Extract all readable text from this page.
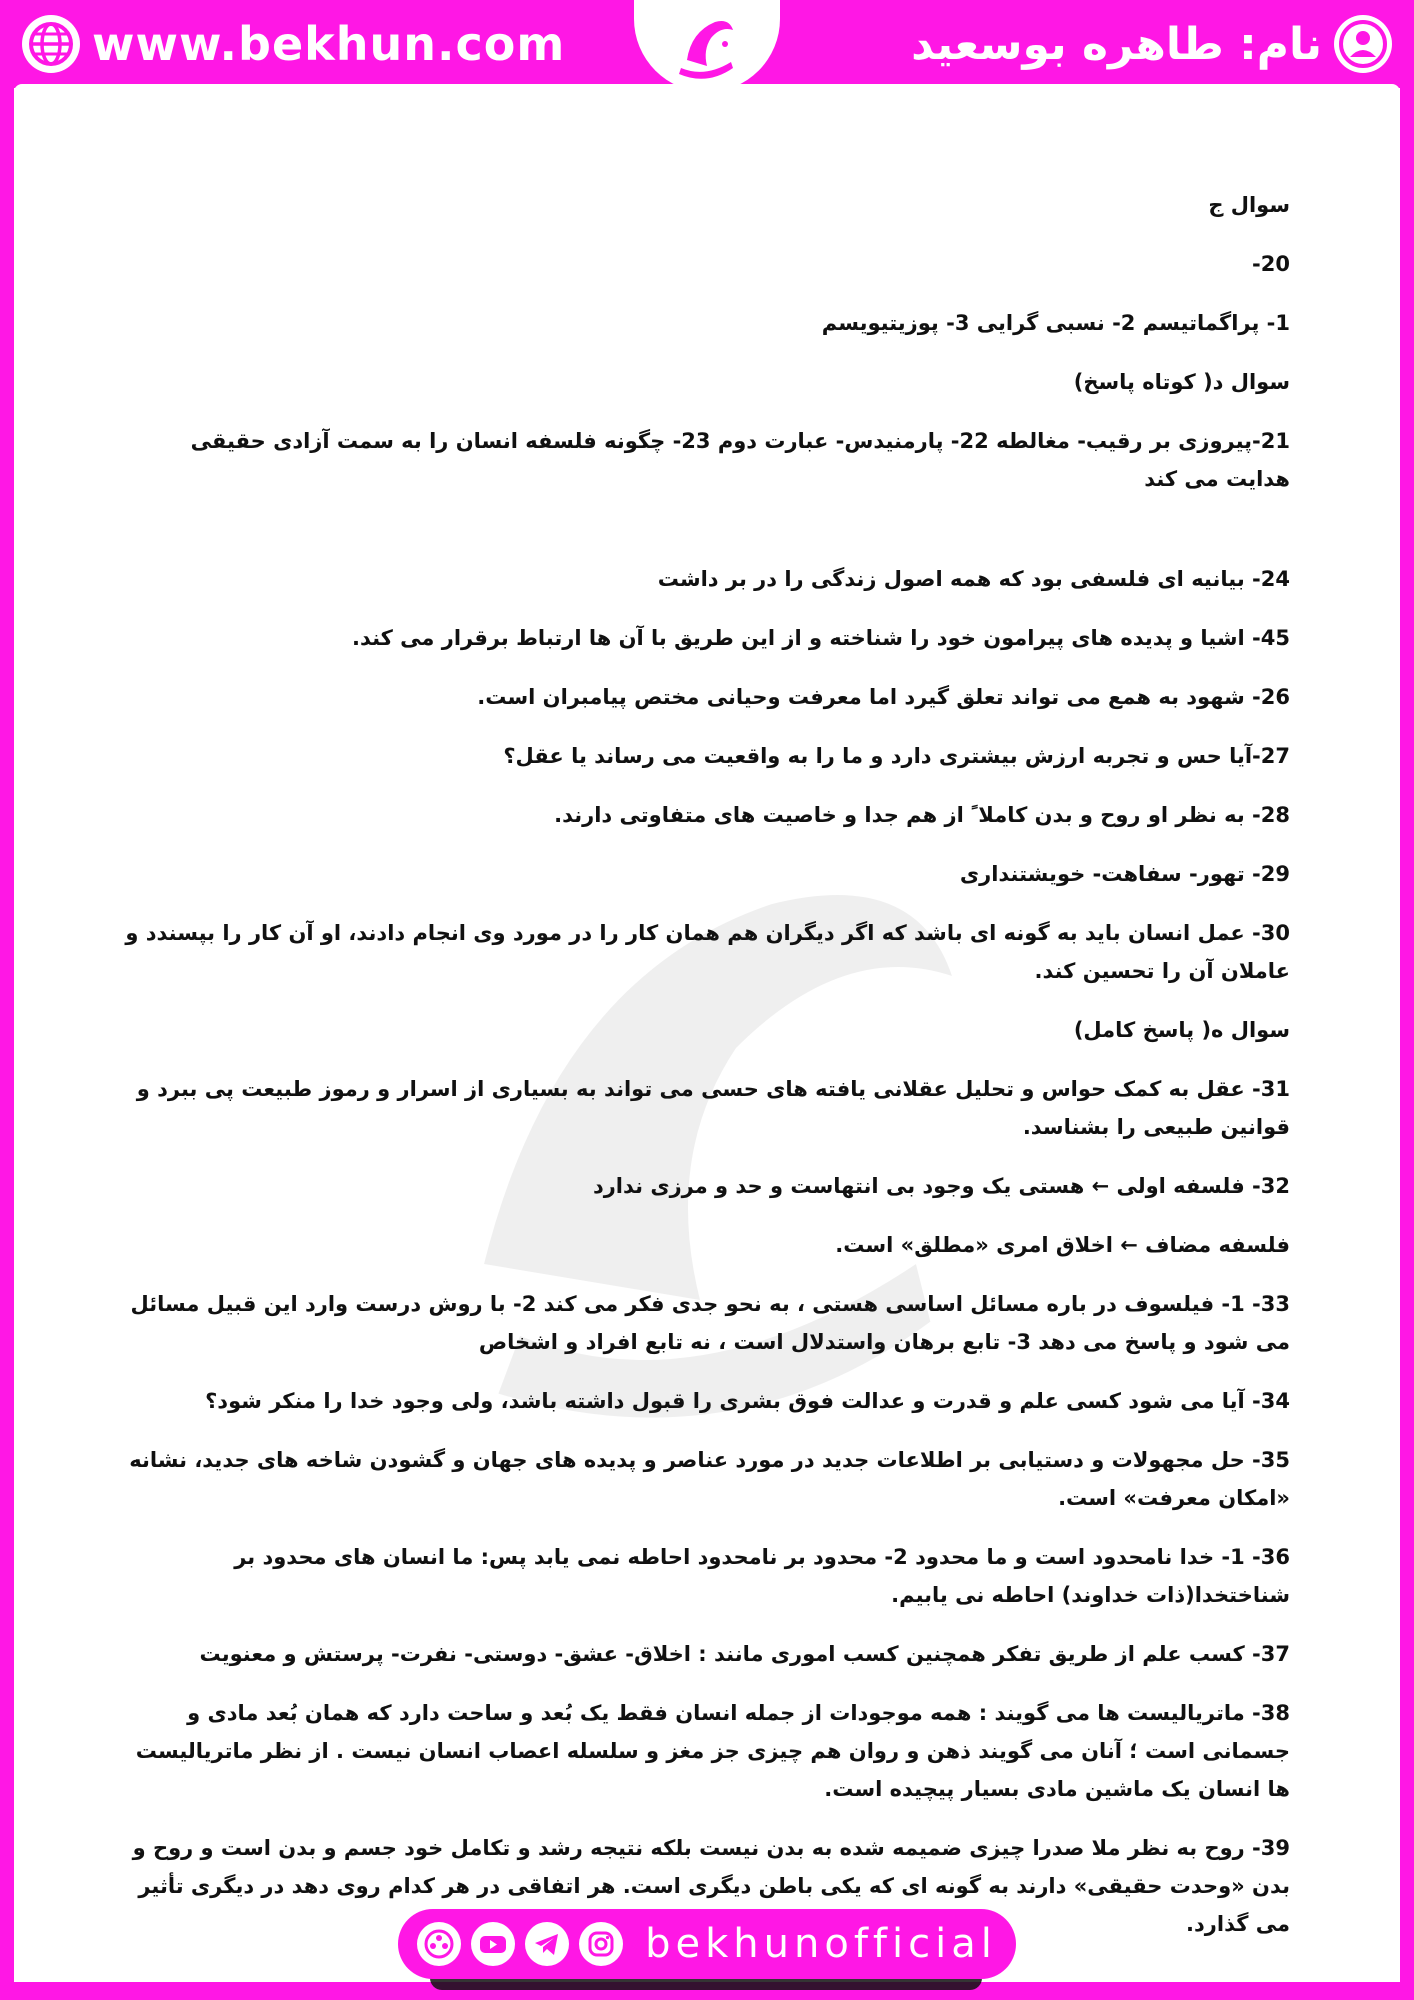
www.bekhun.com	نام: طاهره بوسعید

سوال ج

20-

1- پراگماتیسم 2- نسبی گرایی 3- پوزیتیویسم

سوال د( کوتاه پاسخ)

21-پیروزی بر رقیب- مغالطه 22- پارمنیدس- عبارت دوم 23- چگونه فلسفه انسان را به سمت آزادی حقیقی هدایت می کند

24- بیانیه ای فلسفی بود که همه اصول زندگی را در بر داشت

45- اشیا و پدیده های پیرامون خود را شناخته و از این طریق با آن ها ارتباط برقرار می کند.

26- شهود به همع می تواند تعلق گیرد اما معرفت وحیانی مختص پیامبران است.

27-آیا حس و تجربه ارزش بیشتری دارد و ما را به واقعیت می رساند یا عقل؟

28- به نظر او روح و بدن کاملا ً از هم جدا و خاصیت های متفاوتی دارند.

29- تهور- سفاهت- خویشتنداری

30- عمل انسان باید به گونه ای باشد که اگر دیگران هم همان کار را در مورد وی انجام دادند، او آن کار را بپسندد و عاملان آن را تحسین کند.

سوال ه( پاسخ کامل)

31- عقل به کمک حواس و تحلیل عقلانی یافته های حسی می تواند به بسیاری از اسرار و رموز طبیعت پی ببرد و قوانین طبیعی را بشناسد.

32- فلسفه اولی ← هستی یک وجود بی انتهاست و حد و مرزی ندارد

فلسفه مضاف ← اخلاق امری «مطلق» است.

33- 1- فیلسوف در باره مسائل اساسی هستی ، به نحو جدی فکر می کند 2- با روش درست وارد این قبیل مسائل می شود و پاسخ می دهد 3- تابع برهان واستدلال است ، نه تابع افراد و اشخاص

34- آیا می شود کسی علم و قدرت و عدالت فوق بشری را قبول داشته باشد، ولی وجود خدا را منکر شود؟

35- حل مجهولات و دستیابی بر اطلاعات جدید در مورد عناصر و پدیده های جهان و گشودن شاخه های جدید، نشانه «امکان معرفت» است.

36- 1- خدا نامحدود است و ما محدود 2- محدود بر نامحدود احاطه نمی یابد پس: ما انسان های محدود بر شناختخدا(ذات خداوند) احاطه نی یابیم.

37- کسب علم از طریق تفکر همچنین کسب اموری مانند : اخلاق- عشق- دوستی- نفرت- پرستش و معنویت

38- ماتریالیست ها می گویند : همه موجودات از جمله انسان فقط یک بُعد و ساحت دارد که همان بُعد مادی و جسمانی است ؛ آنان می گویند ذهن و روان هم چیزی جز مغز و سلسله اعصاب انسان نیست . از نظر ماتریالیست ها انسان یک ماشین مادی بسیار پیچیده است.

39- روح به نظر ملا صدرا چیزی ضمیمه شده به بدن نیست بلکه نتیجه رشد و تکامل خود جسم و بدن است و روح و بدن «وحدت حقیقی» دارند به گونه ای که یکی باطن دیگری است. هر اتفاقی در هر کدام روی دهد در دیگری تأثیر می گذارد.

bekhunofficial
